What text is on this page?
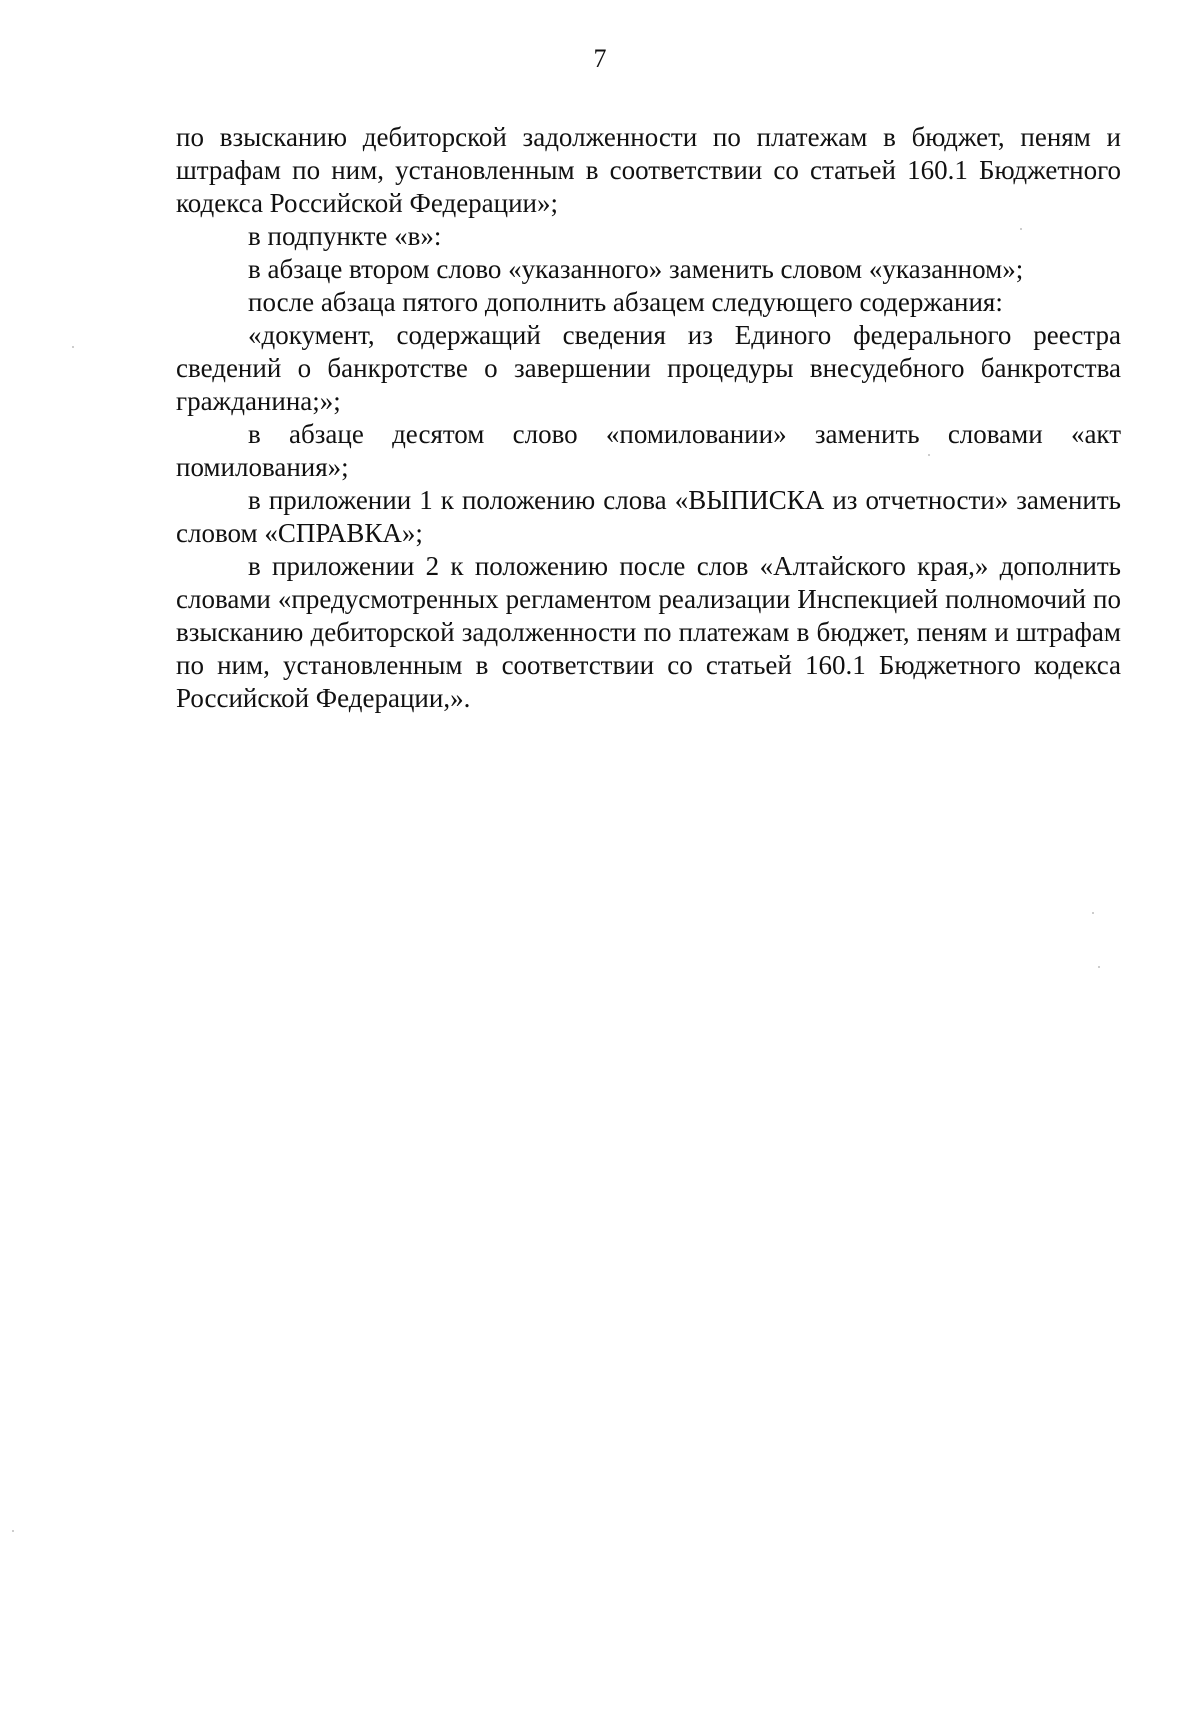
7

по взысканию дебиторской задолженности по платежам в бюджет, пеням и штрафам по ним, установленным в соответствии со статьей 160.1 Бюджетного кодекса Российской Федерации»;

в подпункте «в»:

в абзаце втором слово «указанного» заменить словом «указанном»;

после абзаца пятого дополнить абзацем следующего содержания:

«документ, содержащий сведения из Единого федерального реестра сведений о банкротстве о завершении процедуры внесудебного банкротства гражданина;»;

в абзаце десятом слово «помиловании» заменить словами «акт помилования»;

в приложении 1 к положению слова «ВЫПИСКА из отчетности» заменить словом «СПРАВКА»;

в приложении 2 к положению после слов «Алтайского края,» дополнить словами «предусмотренных регламентом реализации Инспекцией полномочий по взысканию дебиторской задолженности по платежам в бюджет, пеням и штрафам по ним, установленным в соответствии со статьей 160.1 Бюджетного кодекса Российской Федерации,».
